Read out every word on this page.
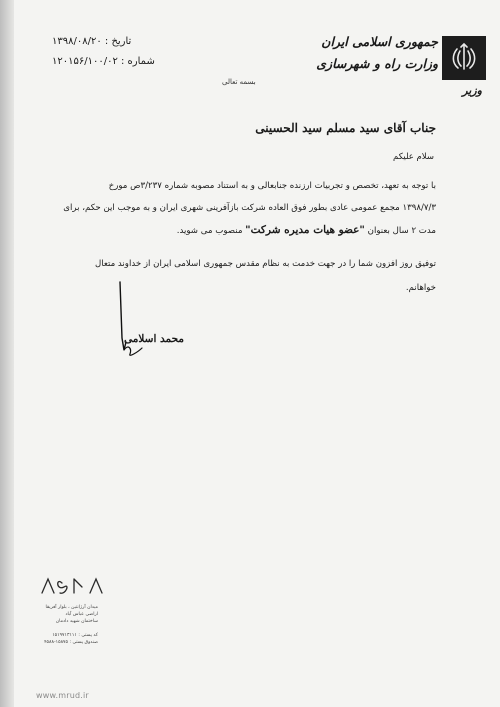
جمهوری اسلامی ایران
وزارت راه و شهرسازی
وزیر
تاریخ : ۱۳۹۸/۰۸/۲۰
شماره : ۱۲۰۱۵۶/۱۰۰/۰۲
بسمه تعالی
جناب آقای سید مسلم سید الحسینی
سلام علیکم
با توجه به تعهد، تخصص و تجربیات ارزنده جنابعالی و به استناد مصوبه شماره ۳/۲۳۷ص مورخ
۱۳۹۸/۷/۳ مجمع عمومی عادی بطور فوق العاده شرکت بازآفرینی شهری ایران و به موجب این حکم، برای
مدت ۲ سال بعنوان "عضو هیات مدیره شرکت" منصوب می شوید.
توفیق روز افزون شما را در جهت خدمت به نظام مقدس جمهوری اسلامی ایران از خداوند متعال
خواهانم.
محمد اسلامی
میدان آرژانتین ، بلوار آفریقا
اراضی عباس آباد
ساختمان شهید دادمان
کد پستی : ۱۵۱۹۷۱۳۱۱۱
صندوق پستی : ۱۵۸۷۵-۴۵۸۸
www.mrud.ir
